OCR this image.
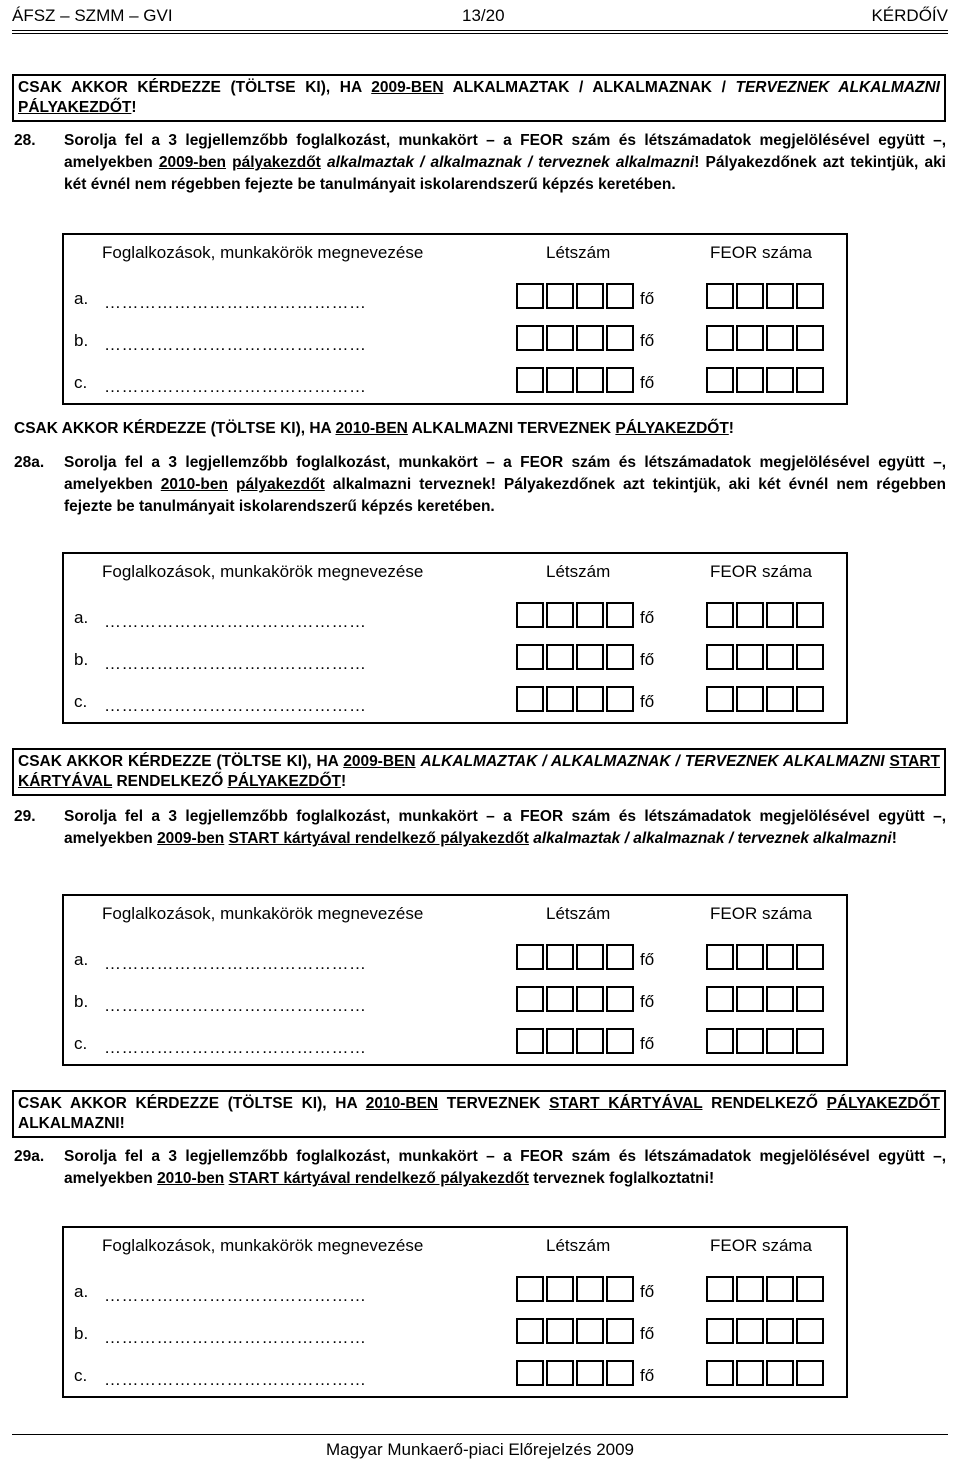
ÁFSZ – SZMM – GVI	13/20	KÉRDŐÍV
CSAK AKKOR KÉRDEZZE (TÖLTSE KI), HA 2009-BEN ALKALMAZTAK / ALKALMAZNAK / TERVEZNEK ALKALMAZNI PÁLYAKEZDŐT!
28. Sorolja fel a 3 legjellemzőbb foglalkozást, munkakört – a FEOR szám és létszámadatok megjelölésével együtt –, amelyekben 2009-ben pályakezdőt alkalmaztak / alkalmaznak / terveznek alkalmazni! Pályakezdőnek azt tekintjük, aki két évnél nem régebben fejezte be tanulmányait iskolarendszerű képzés keretében.
Foglalkozások, munkakörök megnevezése	Létszám	FEOR száma
a. ………………………………………	fő
b. ………………………………………	fő
c. ………………………………………	fő
CSAK AKKOR KÉRDEZZE (TÖLTSE KI), HA 2010-BEN ALKALMAZNI TERVEZNEK PÁLYAKEZDŐT!
28a. Sorolja fel a 3 legjellemzőbb foglalkozást, munkakört – a FEOR szám és létszámadatok megjelölésével együtt –, amelyekben 2010-ben pályakezdőt alkalmazni terveznek! Pályakezdőnek azt tekintjük, aki két évnél nem régebben fejezte be tanulmányait iskolarendszerű képzés keretében.
Foglalkozások, munkakörök megnevezése	Létszám	FEOR száma
a. ………………………………………	fő
b. ………………………………………	fő
c. ………………………………………	fő
CSAK AKKOR KÉRDEZZE (TÖLTSE KI), HA 2009-BEN ALKALMAZTAK / ALKALMAZNAK / TERVEZNEK ALKALMAZNI START KÁRTYÁVAL RENDELKEZŐ PÁLYAKEZDŐT!
29. Sorolja fel a 3 legjellemzőbb foglalkozást, munkakört – a FEOR szám és létszámadatok megjelölésével együtt –, amelyekben 2009-ben START kártyával rendelkező pályakezdőt alkalmaztak / alkalmaznak / terveznek alkalmazni!
Foglalkozások, munkakörök megnevezése	Létszám	FEOR száma
a. ………………………………………	fő
b. ………………………………………	fő
c. ………………………………………	fő
CSAK AKKOR KÉRDEZZE (TÖLTSE KI), HA 2010-BEN TERVEZNEK START KÁRTYÁVAL RENDELKEZŐ PÁLYAKEZDŐT ALKALMAZNI!
29a. Sorolja fel a 3 legjellemzőbb foglalkozást, munkakört – a FEOR szám és létszámadatok megjelölésével együtt –, amelyekben 2010-ben START kártyával rendelkező pályakezdőt terveznek foglalkoztatni!
Foglalkozások, munkakörök megnevezése	Létszám	FEOR száma
a. ………………………………………	fő
b. ………………………………………	fő
c. ………………………………………	fő
Magyar Munkaerő-piaci Előrejelzés 2009
